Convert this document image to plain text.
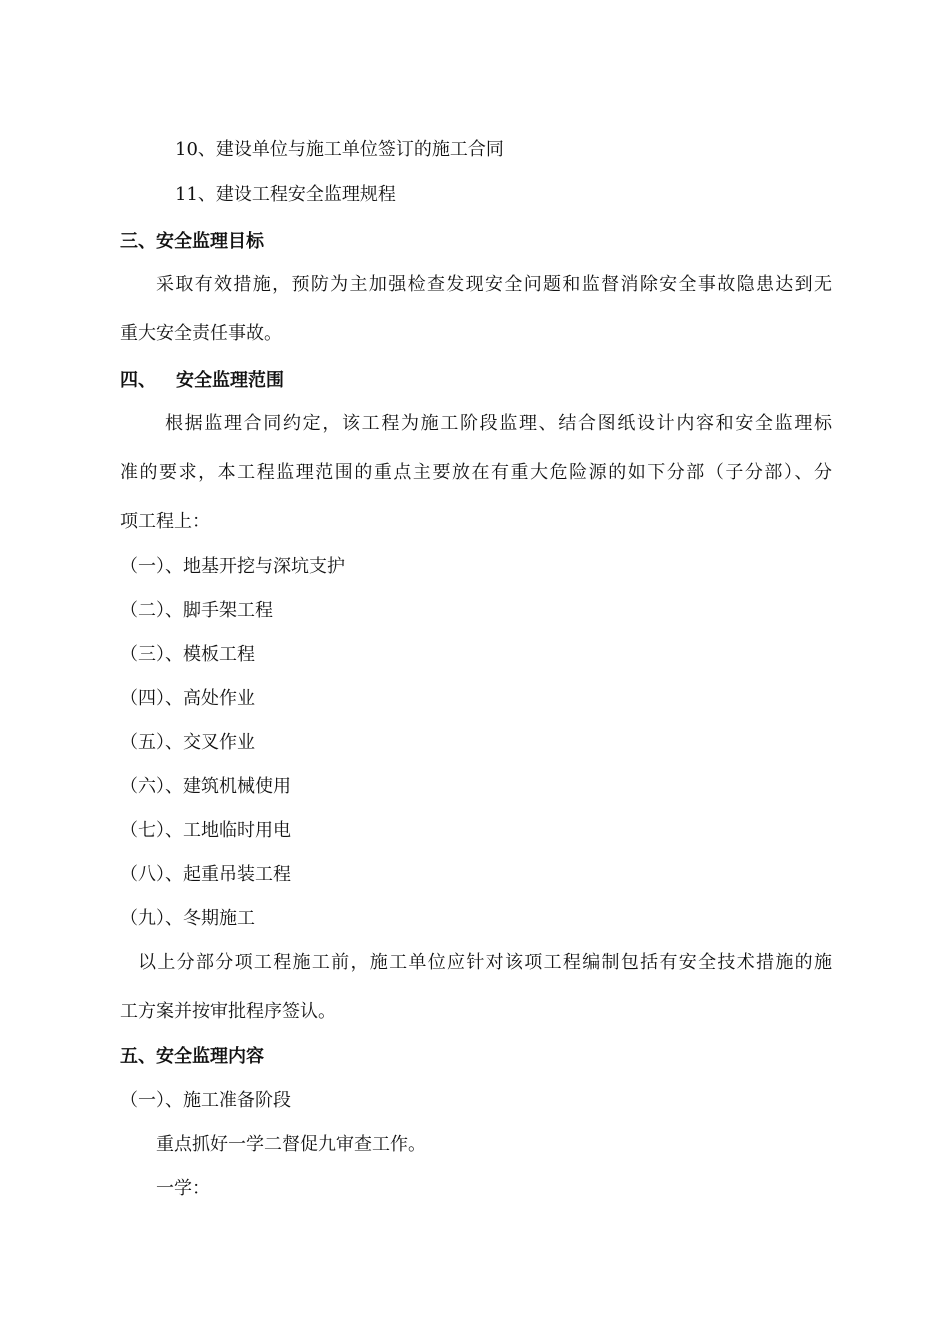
10、建设单位与施工单位签订的施工合同
11、建设工程安全监理规程
三、安全监理目标
采取有效措施，预防为主加强检查发现安全问题和监督消除安全事故隐患达到无
重大安全责任事故。
四、 安全监理范围
根据监理合同约定，该工程为施工阶段监理、结合图纸设计内容和安全监理标
准的要求，本工程监理范围的重点主要放在有重大危险源的如下分部（子分部）、分
项工程上：
（一）、地基开挖与深坑支护
（二）、脚手架工程
（三）、模板工程
（四）、高处作业
（五）、交叉作业
（六）、建筑机械使用
（七）、工地临时用电
（八）、起重吊装工程
（九）、冬期施工
以上分部分项工程施工前，施工单位应针对该项工程编制包括有安全技术措施的施
工方案并按审批程序签认。
五、安全监理内容
（一）、施工准备阶段
重点抓好一学二督促九审查工作。
一学：
